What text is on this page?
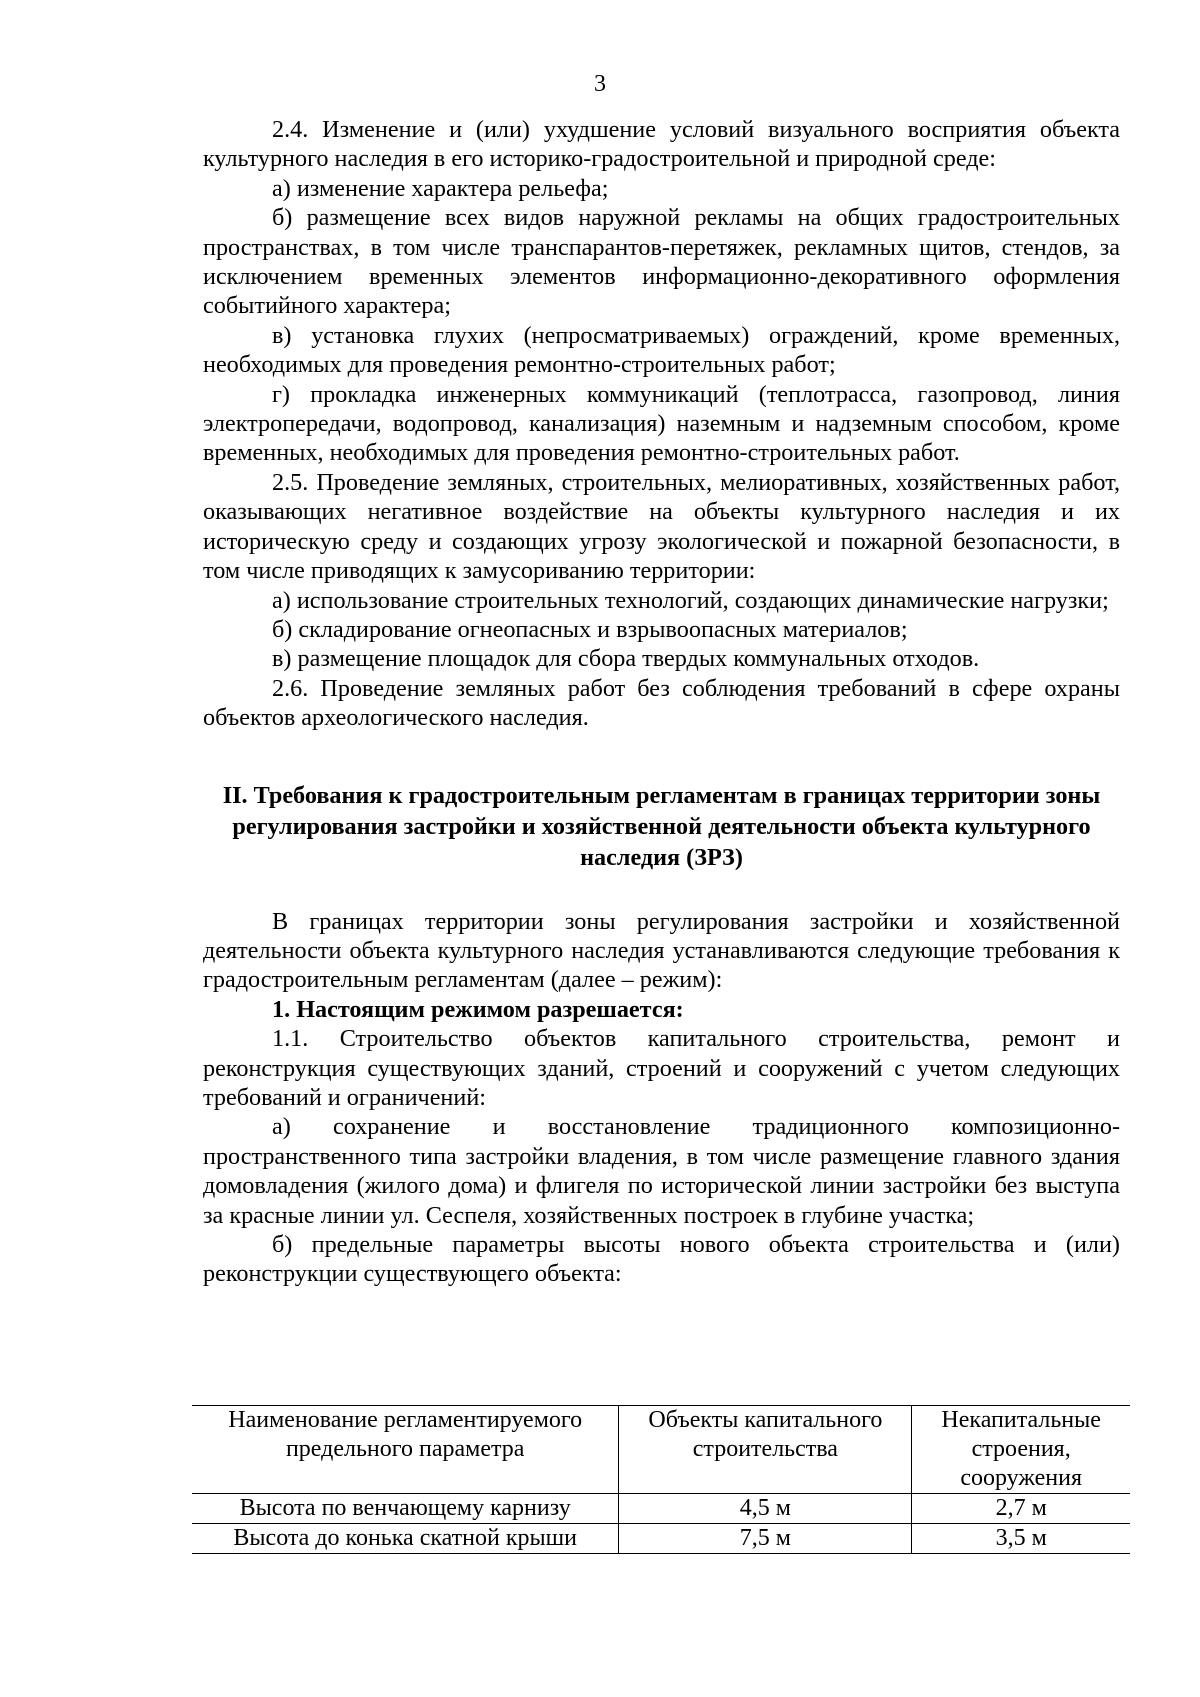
3

2.4. Изменение и (или) ухудшение условий визуального восприятия объекта культурного наследия в его историко-градостроительной и природной среде:

а) изменение характера рельефа;

б) размещение всех видов наружной рекламы на общих градостроительных пространствах, в том числе транспарантов-перетяжек, рекламных щитов, стендов, за исключением временных элементов информационно-декоративного оформления событийного характера;

в) установка глухих (непросматриваемых) ограждений, кроме временных, необходимых для проведения ремонтно-строительных работ;

г) прокладка инженерных коммуникаций (теплотрасса, газопровод, линия электропередачи, водопровод, канализация) наземным и надземным способом, кроме временных, необходимых для проведения ремонтно-строительных работ.

2.5. Проведение земляных, строительных, мелиоративных, хозяйственных работ, оказывающих негативное воздействие на объекты культурного наследия и их историческую среду и создающих угрозу экологической и пожарной безопасности, в том числе приводящих к замусориванию территории:

а) использование строительных технологий, создающих динамические нагрузки;

б) складирование огнеопасных и взрывоопасных материалов;

в) размещение площадок для сбора твердых коммунальных отходов.

2.6. Проведение земляных работ без соблюдения требований в сфере охраны объектов археологического наследия.

II. Требования к градостроительным регламентам в границах территории зоны регулирования застройки и хозяйственной деятельности объекта культурного наследия (ЗРЗ)

В границах территории зоны регулирования застройки и хозяйственной деятельности объекта культурного наследия устанавливаются следующие требования к градостроительным регламентам (далее – режим):

1. Настоящим режимом разрешается:

1.1. Строительство объектов капитального строительства, ремонт и реконструкция существующих зданий, строений и сооружений с учетом следующих требований и ограничений:

а) сохранение и восстановление традиционного композиционно-пространственного типа застройки владения, в том числе размещение главного здания домовладения (жилого дома) и флигеля по исторической линии застройки без выступа за красные линии ул. Сеспеля, хозяйственных построек в глубине участка;

б) предельные параметры высоты нового объекта строительства и (или) реконструкции существующего объекта:

Наименование регламентируемого предельного параметра	Объекты капитального строительства	Некапитальные строения, сооружения
Высота по венчающему карнизу	4,5 м	2,7 м
Высота до конька скатной крыши	7,5 м	3,5 м
